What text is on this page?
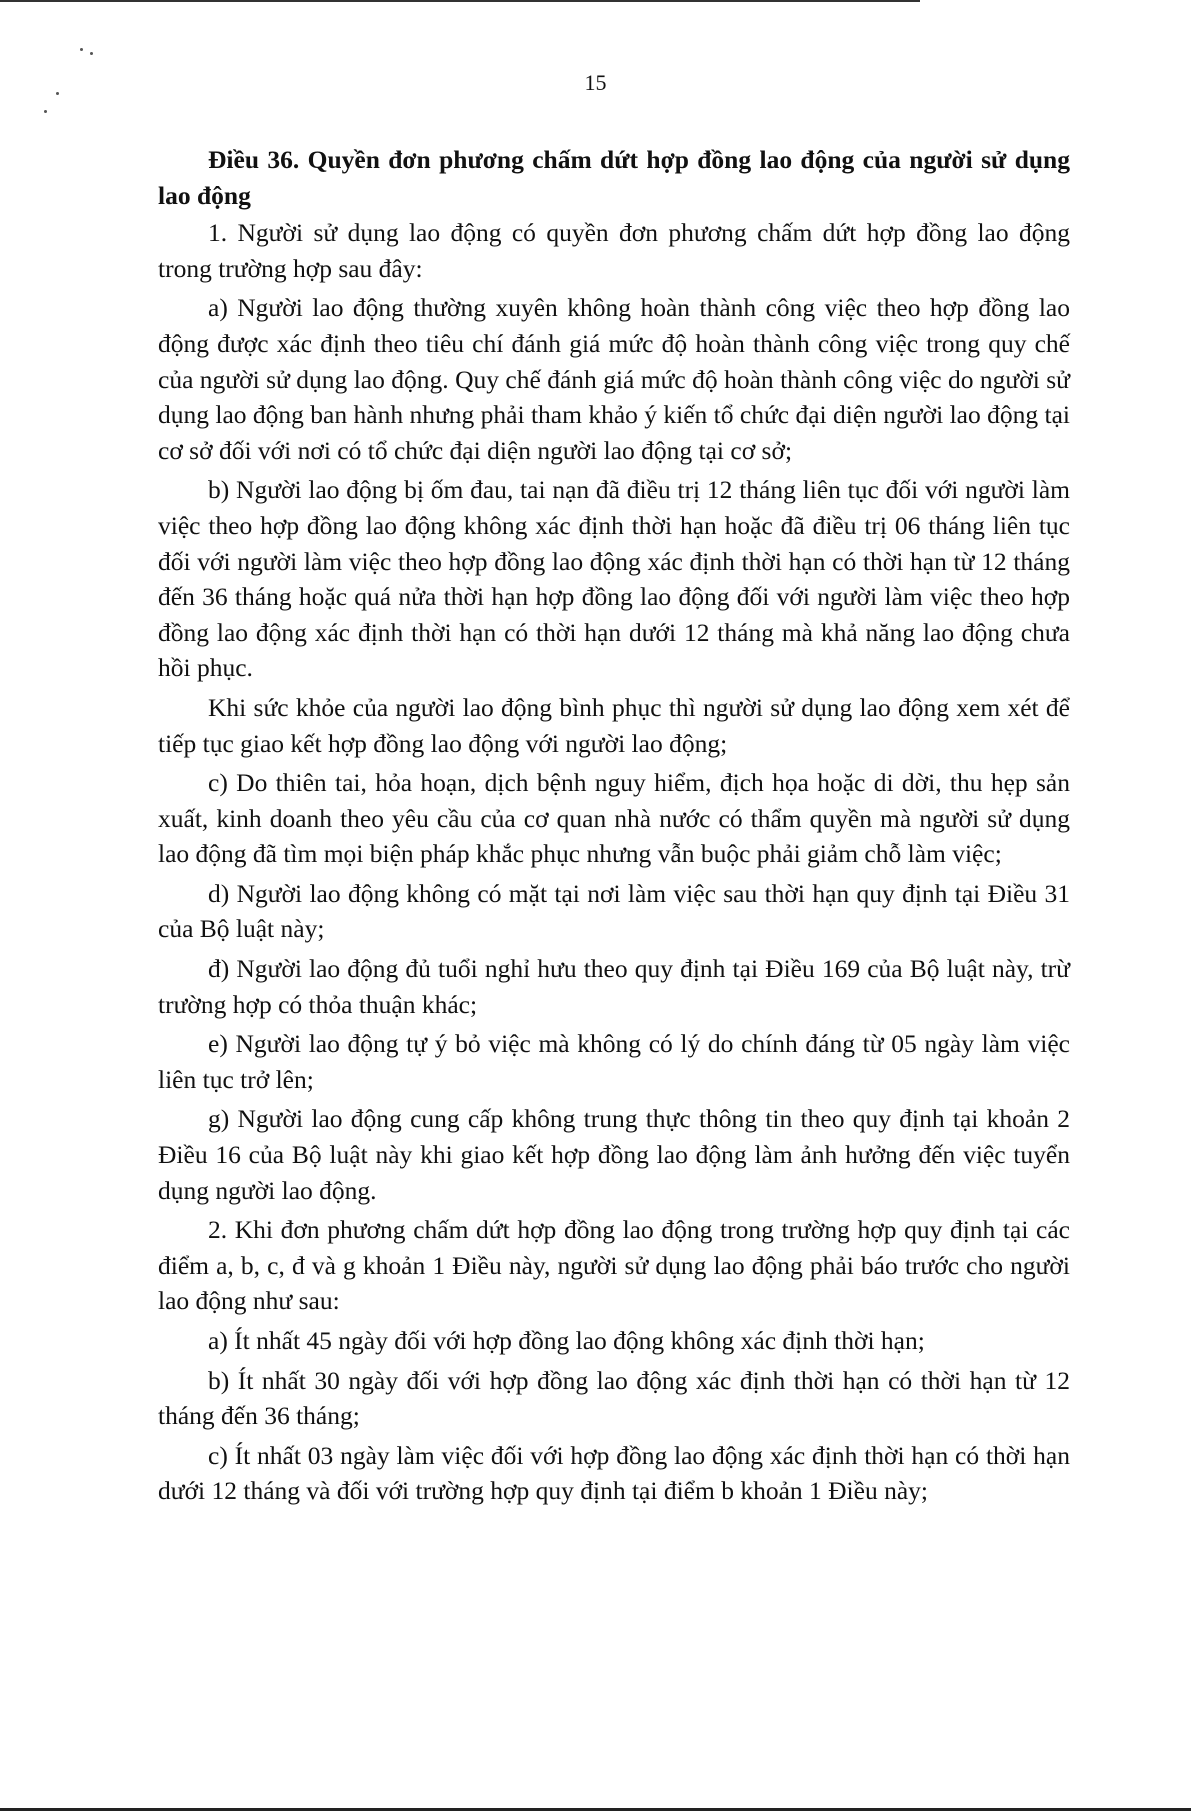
15

Điều 36. Quyền đơn phương chấm dứt hợp đồng lao động của người sử dụng lao động

1. Người sử dụng lao động có quyền đơn phương chấm dứt hợp đồng lao động trong trường hợp sau đây:

a) Người lao động thường xuyên không hoàn thành công việc theo hợp đồng lao động được xác định theo tiêu chí đánh giá mức độ hoàn thành công việc trong quy chế của người sử dụng lao động. Quy chế đánh giá mức độ hoàn thành công việc do người sử dụng lao động ban hành nhưng phải tham khảo ý kiến tổ chức đại diện người lao động tại cơ sở đối với nơi có tổ chức đại diện người lao động tại cơ sở;

b) Người lao động bị ốm đau, tai nạn đã điều trị 12 tháng liên tục đối với người làm việc theo hợp đồng lao động không xác định thời hạn hoặc đã điều trị 06 tháng liên tục đối với người làm việc theo hợp đồng lao động xác định thời hạn có thời hạn từ 12 tháng đến 36 tháng hoặc quá nửa thời hạn hợp đồng lao động đối với người làm việc theo hợp đồng lao động xác định thời hạn có thời hạn dưới 12 tháng mà khả năng lao động chưa hồi phục.

Khi sức khỏe của người lao động bình phục thì người sử dụng lao động xem xét để tiếp tục giao kết hợp đồng lao động với người lao động;

c) Do thiên tai, hỏa hoạn, dịch bệnh nguy hiểm, địch họa hoặc di dời, thu hẹp sản xuất, kinh doanh theo yêu cầu của cơ quan nhà nước có thẩm quyền mà người sử dụng lao động đã tìm mọi biện pháp khắc phục nhưng vẫn buộc phải giảm chỗ làm việc;

d) Người lao động không có mặt tại nơi làm việc sau thời hạn quy định tại Điều 31 của Bộ luật này;

đ) Người lao động đủ tuổi nghỉ hưu theo quy định tại Điều 169 của Bộ luật này, trừ trường hợp có thỏa thuận khác;

e) Người lao động tự ý bỏ việc mà không có lý do chính đáng từ 05 ngày làm việc liên tục trở lên;

g) Người lao động cung cấp không trung thực thông tin theo quy định tại khoản 2 Điều 16 của Bộ luật này khi giao kết hợp đồng lao động làm ảnh hưởng đến việc tuyển dụng người lao động.

2. Khi đơn phương chấm dứt hợp đồng lao động trong trường hợp quy định tại các điểm a, b, c, đ và g khoản 1 Điều này, người sử dụng lao động phải báo trước cho người lao động như sau:

a) Ít nhất 45 ngày đối với hợp đồng lao động không xác định thời hạn;

b) Ít nhất 30 ngày đối với hợp đồng lao động xác định thời hạn có thời hạn từ 12 tháng đến 36 tháng;

c) Ít nhất 03 ngày làm việc đối với hợp đồng lao động xác định thời hạn có thời hạn dưới 12 tháng và đối với trường hợp quy định tại điểm b khoản 1 Điều này;
